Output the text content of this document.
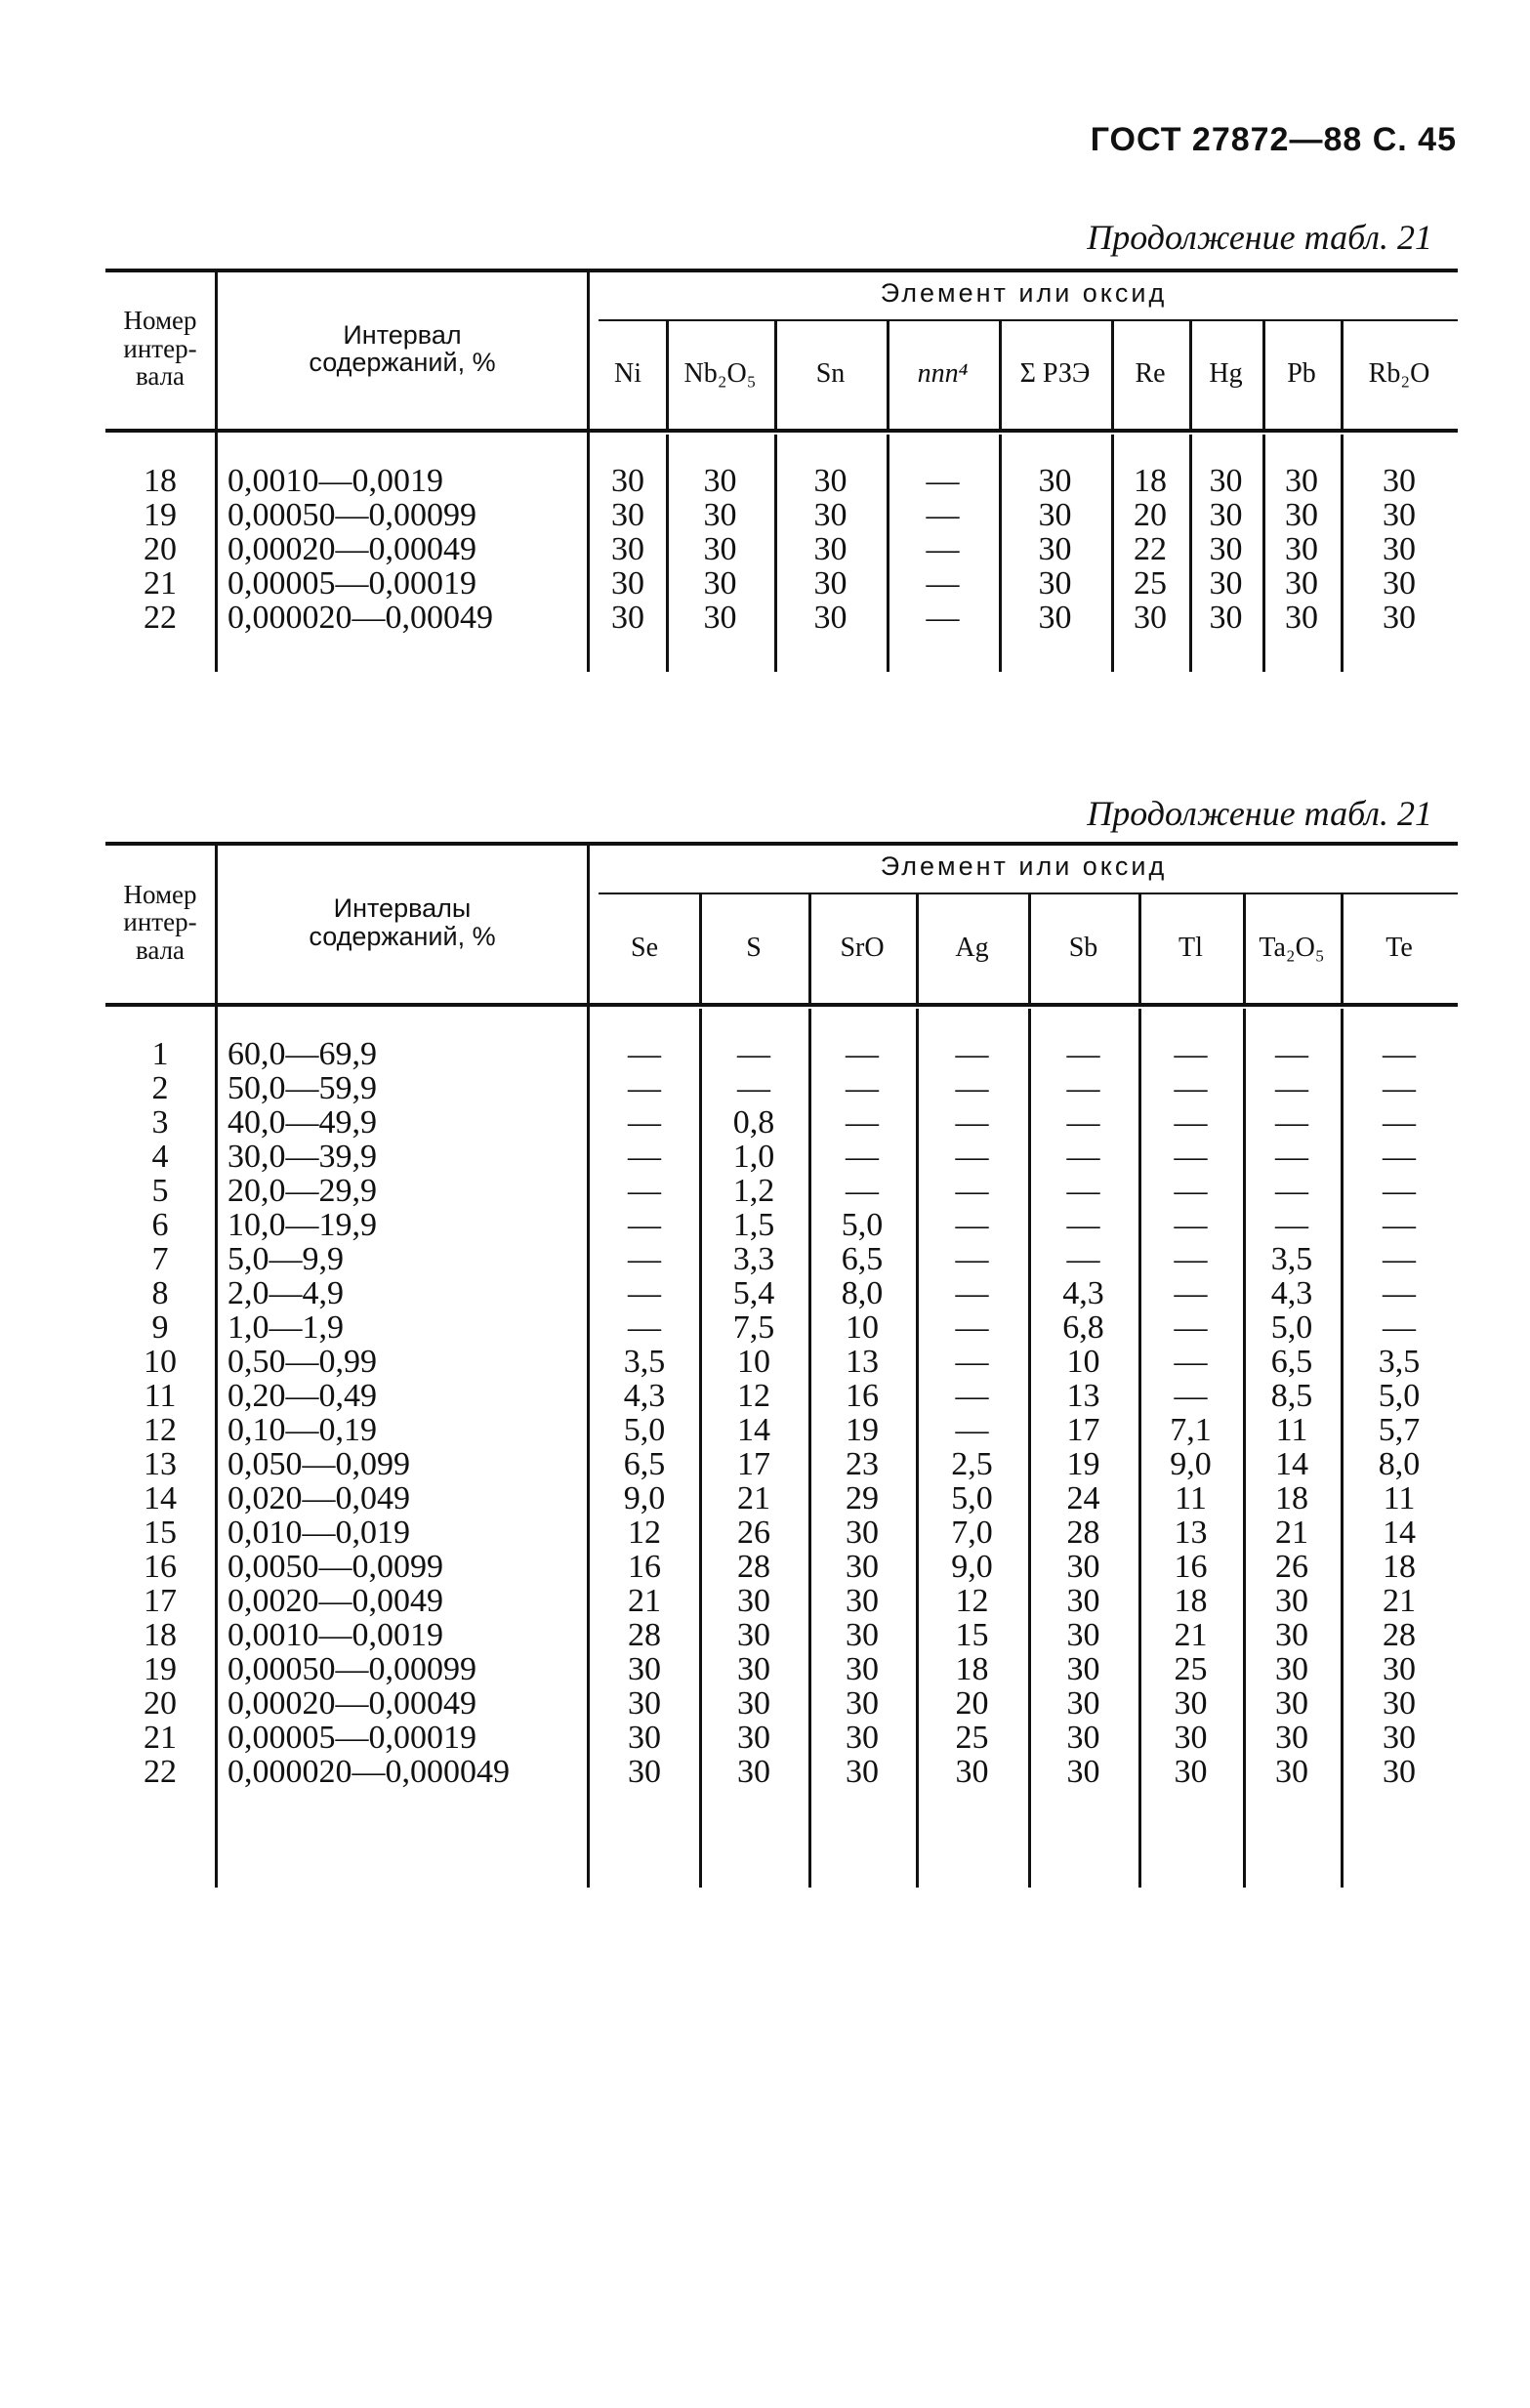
ГОСТ 27872—88 С. 45
Продолжение табл. 21
Номер
интер-
вала
Интервал
содержаний, %
Элемент или оксид
Ni	Nb₂O₅	Sn	ппп⁴	Σ РЗЭ	Re	Hg	Pb	Rb₂O
18	0,0010—0,0019	30	30	30	—	30	18	30	30	30
19	0,00050—0,00099	30	30	30	—	30	20	30	30	30
20	0,00020—0,00049	30	30	30	—	30	22	30	30	30
21	0,00005—0,00019	30	30	30	—	30	25	30	30	30
22	0,000020—0,00049	30	30	30	—	30	30	30	30	30
Продолжение табл. 21
Номер
интер-
вала
Интервалы
содержаний, %
Элемент или оксид
Se	S	SrO	Ag	Sb	Tl	Ta₂O₅	Te
1	60,0—69,9	—	—	—	—	—	—	—	—
2	50,0—59,9	—	—	—	—	—	—	—	—
3	40,0—49,9	—	0,8	—	—	—	—	—	—
4	30,0—39,9	—	1,0	—	—	—	—	—	—
5	20,0—29,9	—	1,2	—	—	—	—	—	—
6	10,0—19,9	—	1,5	5,0	—	—	—	—	—
7	5,0—9,9	—	3,3	6,5	—	—	—	3,5	—
8	2,0—4,9	—	5,4	8,0	—	4,3	—	4,3	—
9	1,0—1,9	—	7,5	10	—	6,8	—	5,0	—
10	0,50—0,99	3,5	10	13	—	10	—	6,5	3,5
11	0,20—0,49	4,3	12	16	—	13	—	8,5	5,0
12	0,10—0,19	5,0	14	19	—	17	7,1	11	5,7
13	0,050—0,099	6,5	17	23	2,5	19	9,0	14	8,0
14	0,020—0,049	9,0	21	29	5,0	24	11	18	11
15	0,010—0,019	12	26	30	7,0	28	13	21	14
16	0,0050—0,0099	16	28	30	9,0	30	16	26	18
17	0,0020—0,0049	21	30	30	12	30	18	30	21
18	0,0010—0,0019	28	30	30	15	30	21	30	28
19	0,00050—0,00099	30	30	30	18	30	25	30	30
20	0,00020—0,00049	30	30	30	20	30	30	30	30
21	0,00005—0,00019	30	30	30	25	30	30	30	30
22	0,000020—0,000049	30	30	30	30	30	30	30	30
